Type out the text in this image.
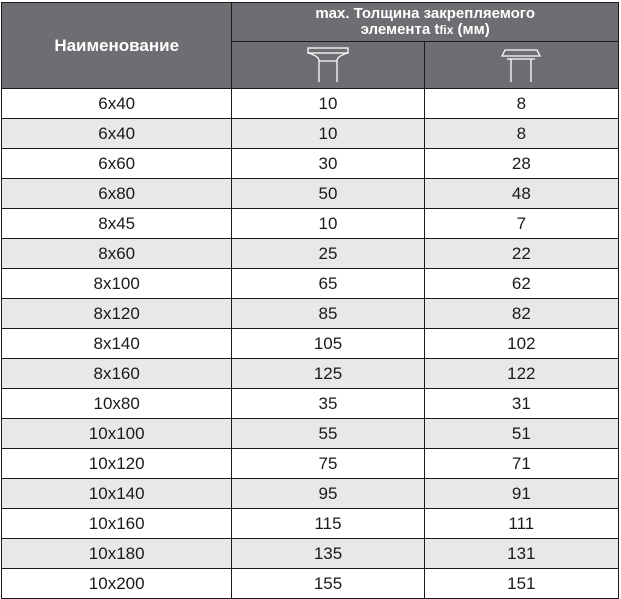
Наименование	max. Толщина закрепляемого
элемента tfix (мм)	

6x40	10	8
6x40	10	8
6x60	30	28
6x80	50	48
8x45	10	7
8x60	25	22
8x100	65	62
8x120	85	82
8x140	105	102
8x160	125	122
10x80	35	31
10x100	55	51
10x120	75	71
10x140	95	91
10x160	115	111
10x180	135	131
10x200	155	151
